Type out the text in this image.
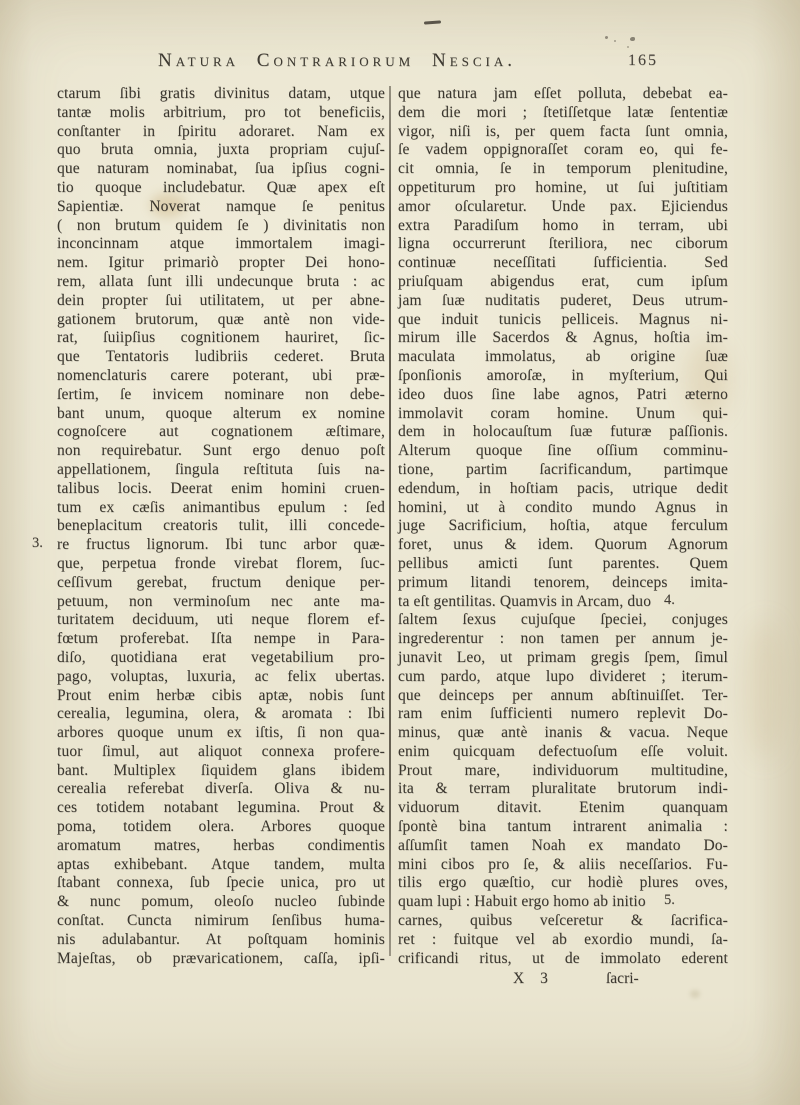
Natura Contrariorum Nescia.	165
ctarum ſibi gratis divinitus datam, utque
tantæ molis arbitrium, pro tot beneficiis,
conſtanter in ſpiritu adoraret. Nam ex
quo bruta omnia, juxta propriam cujuſ-
que naturam nominabat, ſua ipſius cogni-
tio quoque includebatur. Quæ apex eſt
Sapientiæ. Noverat namque ſe penitus
( non brutum quidem ſe ) divinitatis non
inconcinnam atque immortalem imagi-
nem. Igitur primariò propter Dei hono-
rem, allata ſunt illi undecunque bruta : ac
dein propter ſui utilitatem, ut per abne-
gationem brutorum, quæ antè non vide-
rat, ſuiipſius cognitionem hauriret, ſic-
que Tentatoris ludibriis cederet. Bruta
nomenclaturis carere poterant, ubi præ-
ſertim, ſe invicem nominare non debe-
bant unum, quoque alterum ex nomine
cognoſcere aut cognationem æſtimare,
non requirebatur. Sunt ergo denuo poſt
appellationem, ſingula reſtituta ſuis na-
talibus locis. Deerat enim homini cruen-
tum ex cæſis animantibus epulum : ſed
beneplacitum creatoris tulit, illi concede-
re fructus lignorum. Ibi tunc arbor quæ-
que, perpetua fronde virebat florem, ſuc-
ceſſivum gerebat, fructum denique per-
petuum, non verminoſum nec ante ma-
turitatem deciduum, uti neque florem ef-
fœtum proferebat. Iſta nempe in Para-
diſo, quotidiana erat vegetabilium pro-
pago, voluptas, luxuria, ac felix ubertas.
Prout enim herbæ cibis aptæ, nobis ſunt
cerealia, legumina, olera, & aromata : Ibi
arbores quoque unum ex iſtis, ſi non qua-
tuor ſimul, aut aliquot connexa profere-
bant. Multiplex ſiquidem glans ibidem
cerealia referebat diverſa. Oliva & nu-
ces totidem notabant legumina. Prout &
poma, totidem olera. Arbores quoque
aromatum matres, herbas condimentis
aptas exhibebant. Atque tandem, multa
ſtabant connexa, ſub ſpecie unica, pro ut
& nunc pomum, oleoſo nucleo ſubinde
conſtat. Cuncta nimirum ſenſibus huma-
nis adulabantur. At poſtquam hominis
Majeſtas, ob prævaricationem, caſſa, ipſi-
que natura jam eſſet polluta, debebat ea-
dem die mori ; ſtetiſſetque latæ ſententiæ
vigor, niſi is, per quem facta ſunt omnia,
ſe vadem oppignoraſſet coram eo, qui fe-
cit omnia, ſe in temporum plenitudine,
oppetiturum pro homine, ut ſui juſtitiam
amor oſcularetur. Unde pax. Ejiciendus
extra Paradiſum homo in terram, ubi
ligna occurrerunt ſteriliora, nec ciborum
continuæ neceſſitati ſufficientia. Sed
priuſquam abigendus erat, cum ipſum
jam ſuæ nuditatis puderet, Deus utrum-
que induit tunicis pelliceis. Magnus ni-
mirum ille Sacerdos & Agnus, hoſtia im-
maculata immolatus, ab origine ſuæ
ſponſionis amoroſæ, in myſterium, Qui
ideo duos ſine labe agnos, Patri æterno
immolavit coram homine. Unum qui-
dem in holocauſtum ſuæ futuræ paſſionis.
Alterum quoque ſine oſſium comminu-
tione, partim ſacrificandum, partimque
edendum, in hoſtiam pacis, utrique dedit
homini, ut à condito mundo Agnus in
juge Sacrificium, hoſtia, atque ferculum
foret, unus & idem. Quorum Agnorum
pellibus amicti ſunt parentes. Quem
primum litandi tenorem, deinceps imita-
ta eſt gentilitas. Quamvis in Arcam, duo
ſaltem ſexus cujuſque ſpeciei, conjuges
ingrederentur : non tamen per annum je-
junavit Leo, ut primam gregis ſpem, ſimul
cum pardo, atque lupo divideret ; iterum-
que deinceps per annum abſtinuiſſet. Ter-
ram enim ſufficienti numero replevit Do-
minus, quæ antè inanis & vacua. Neque
enim quicquam defectuoſum eſſe voluit.
Prout mare, individuorum multitudine,
ita & terram pluralitate brutorum indi-
viduorum ditavit. Etenim quanquam
ſpontè bina tantum intrarent animalia :
aſſumſit tamen Noah ex mandato Do-
mini cibos pro ſe, & aliis neceſſarios. Fu-
tilis ergo quæſtio, cur hodiè plures oves,
quam lupi : Habuit ergo homo ab initio
carnes, quibus veſceretur & ſacrifica-
ret : fuitque vel ab exordio mundi, ſa-
crificandi ritus, ut de immolato ederent
X 3	ſacri-
3.
4.
5.
